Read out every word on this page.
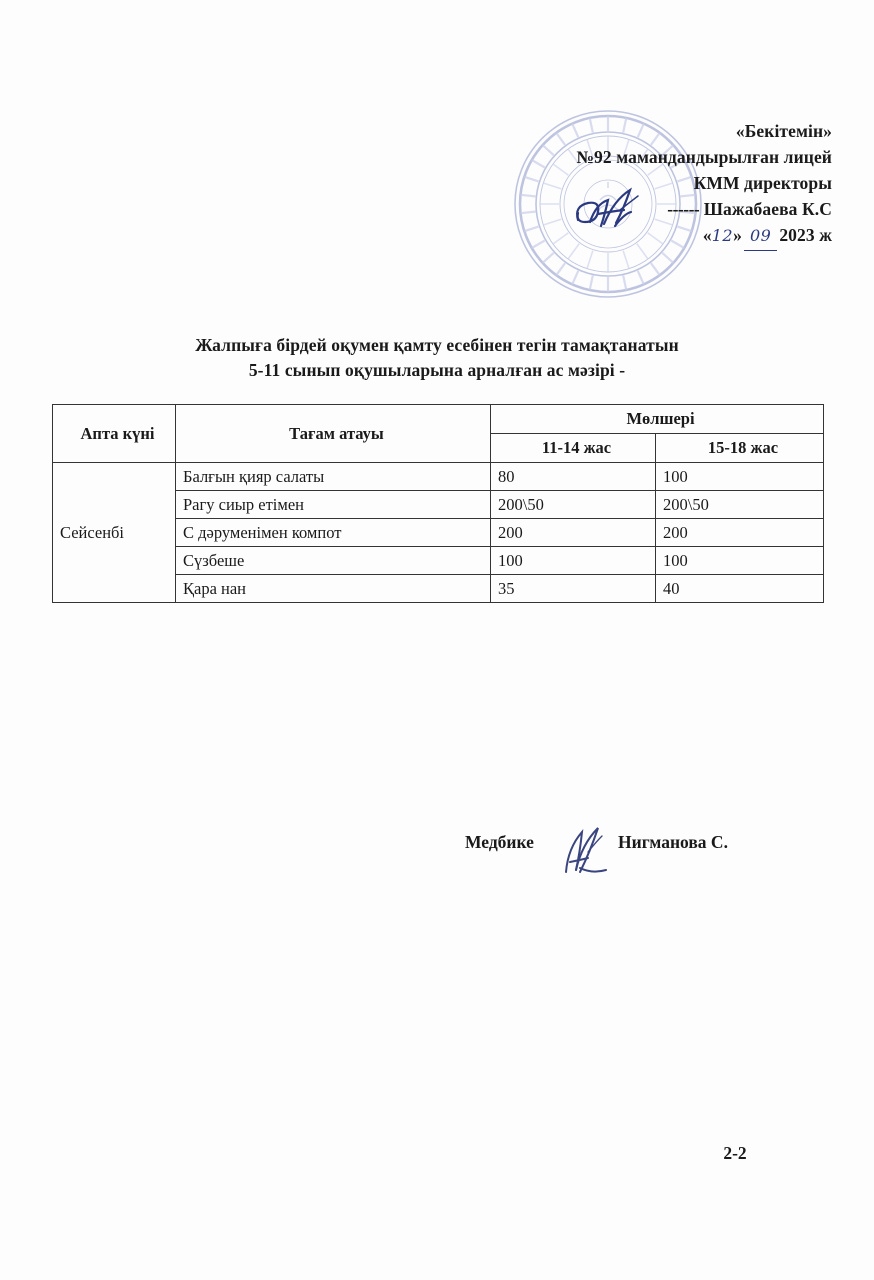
«Бекітемін»
№92 мамандандырылған лицей
КММ директоры
------ Шажабаева К.С
«12» 09 2023 ж
Жалпыға бірдей оқумен қамту есебінен тегін тамақтанатын
5-11 сынып оқушыларына арналған ас мәзірі -
Апта күні	Тағам атауы	Мөлшері	
		11-14 жас	15-18 жас
Сейсенбі	Балғын қияр салаты	80	100
	Рагу сиыр етімен	200\50	200\50
	С дәруменімен компот	200	200
	Сүзбеше	100	100
	Қара нан	35	40
Медбике	Нигманова С.
2-2
